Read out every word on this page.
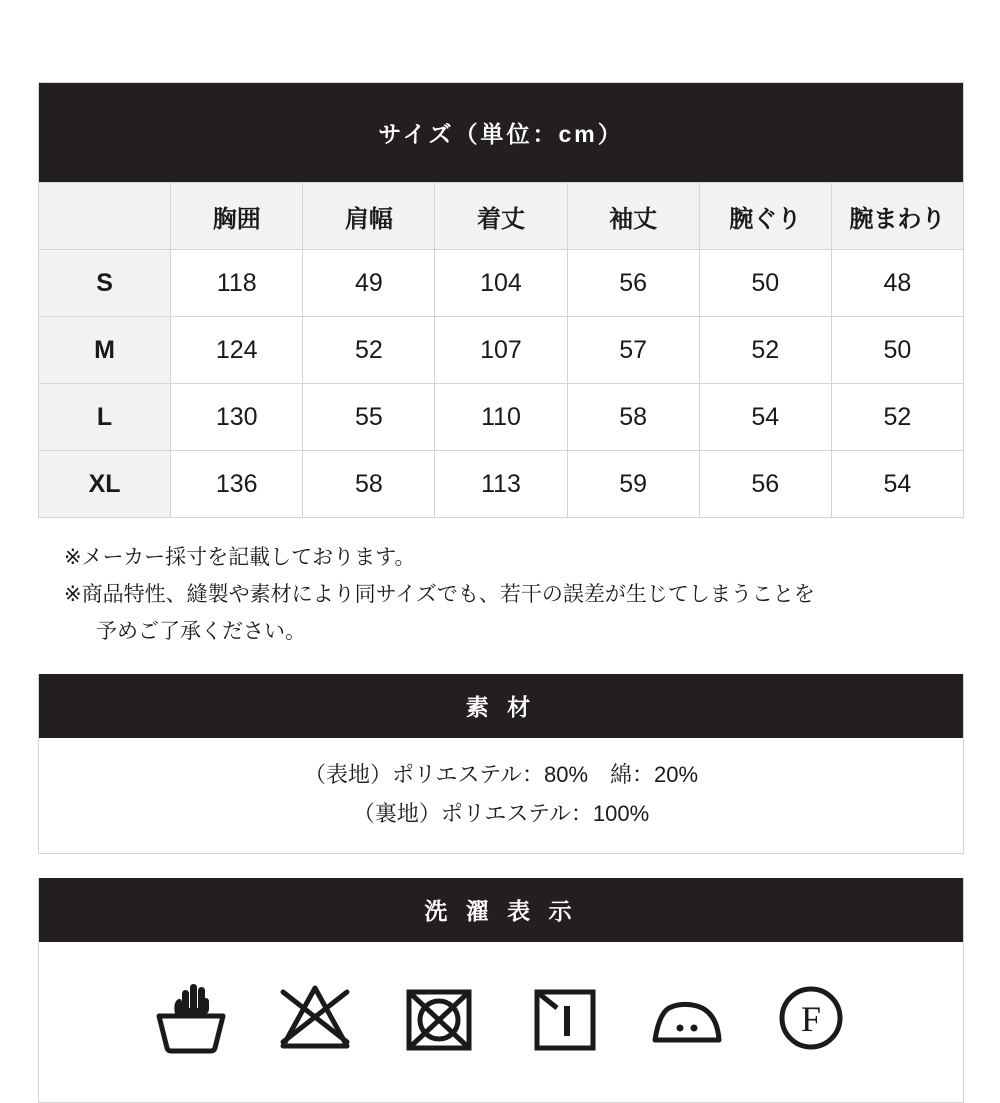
サイズ（単位：cm）						
	胸囲	肩幅	着丈	袖丈	腕ぐり	腕まわり
S	118	49	104	56	50	48
M	124	52	107	57	52	50
L	130	55	110	58	54	52
XL	136	58	113	59	56	54
※メーカー採寸を記載しております。
※商品特性、縫製や素材により同サイズでも、若干の誤差が生じてしまうことを
予めご了承ください。
素 材
（表地）ポリエステル：80%　綿：20%
（裏地）ポリエステル：100%
洗 濯 表 示
F
